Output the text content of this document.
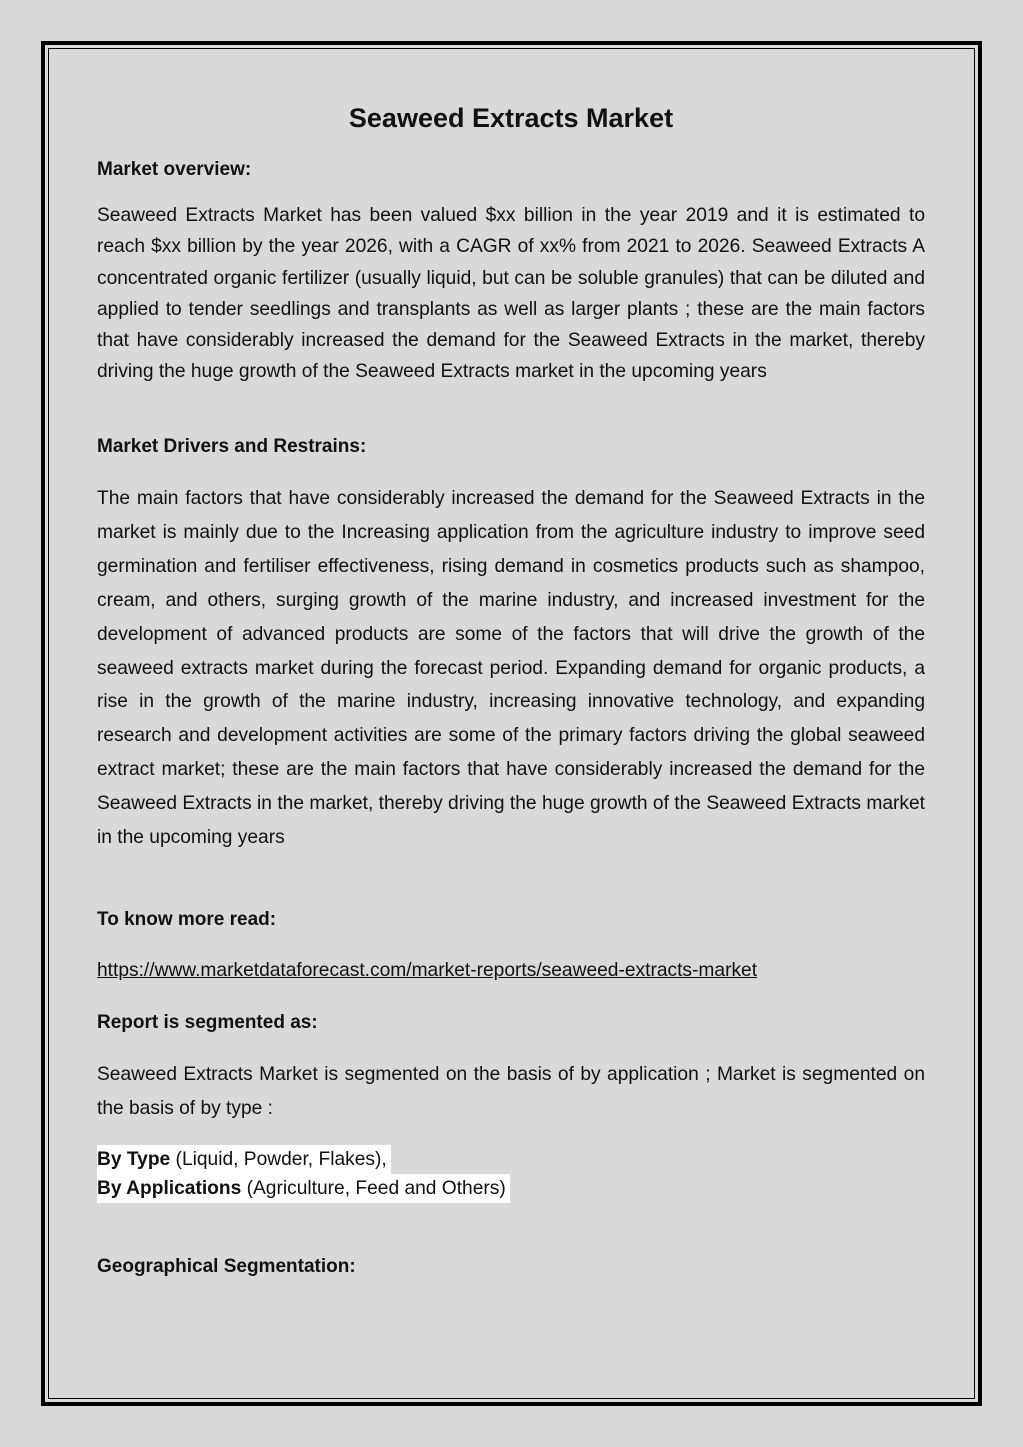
Seaweed Extracts Market
Market overview:

Seaweed Extracts Market has been valued $xx billion in the year 2019 and it is estimated to reach $xx billion by the year 2026, with a CAGR of xx% from 2021 to 2026. Seaweed Extracts A concentrated organic fertilizer (usually liquid, but can be soluble granules) that can be diluted and applied to tender seedlings and transplants as well as larger plants ; these are the main factors that have considerably increased the demand for the Seaweed Extracts in the market, thereby driving the huge growth of the Seaweed Extracts market in the upcoming years

Market Drivers and Restrains:

The main factors that have considerably increased the demand for the Seaweed Extracts in the market is mainly due to the Increasing application from the agriculture industry to improve seed germination and fertiliser effectiveness, rising demand in cosmetics products such as shampoo, cream, and others, surging growth of the marine industry, and increased investment for the development of advanced products are some of the factors that will drive the growth of the seaweed extracts market during the forecast period. Expanding demand for organic products, a rise in the growth of the marine industry, increasing innovative technology, and expanding research and development activities are some of the primary factors driving the global seaweed extract market; these are the main factors that have considerably increased the demand for the Seaweed Extracts in the market, thereby driving the huge growth of the Seaweed Extracts market in the upcoming years

To know more read:
https://www.marketdataforecast.com/market-reports/seaweed-extracts-market
Report is segmented as:

Seaweed Extracts Market is segmented on the basis of by application ; Market is segmented on the basis of by type :

By Type (Liquid, Powder, Flakes),
By Applications (Agriculture, Feed and Others)
Geographical Segmentation:
